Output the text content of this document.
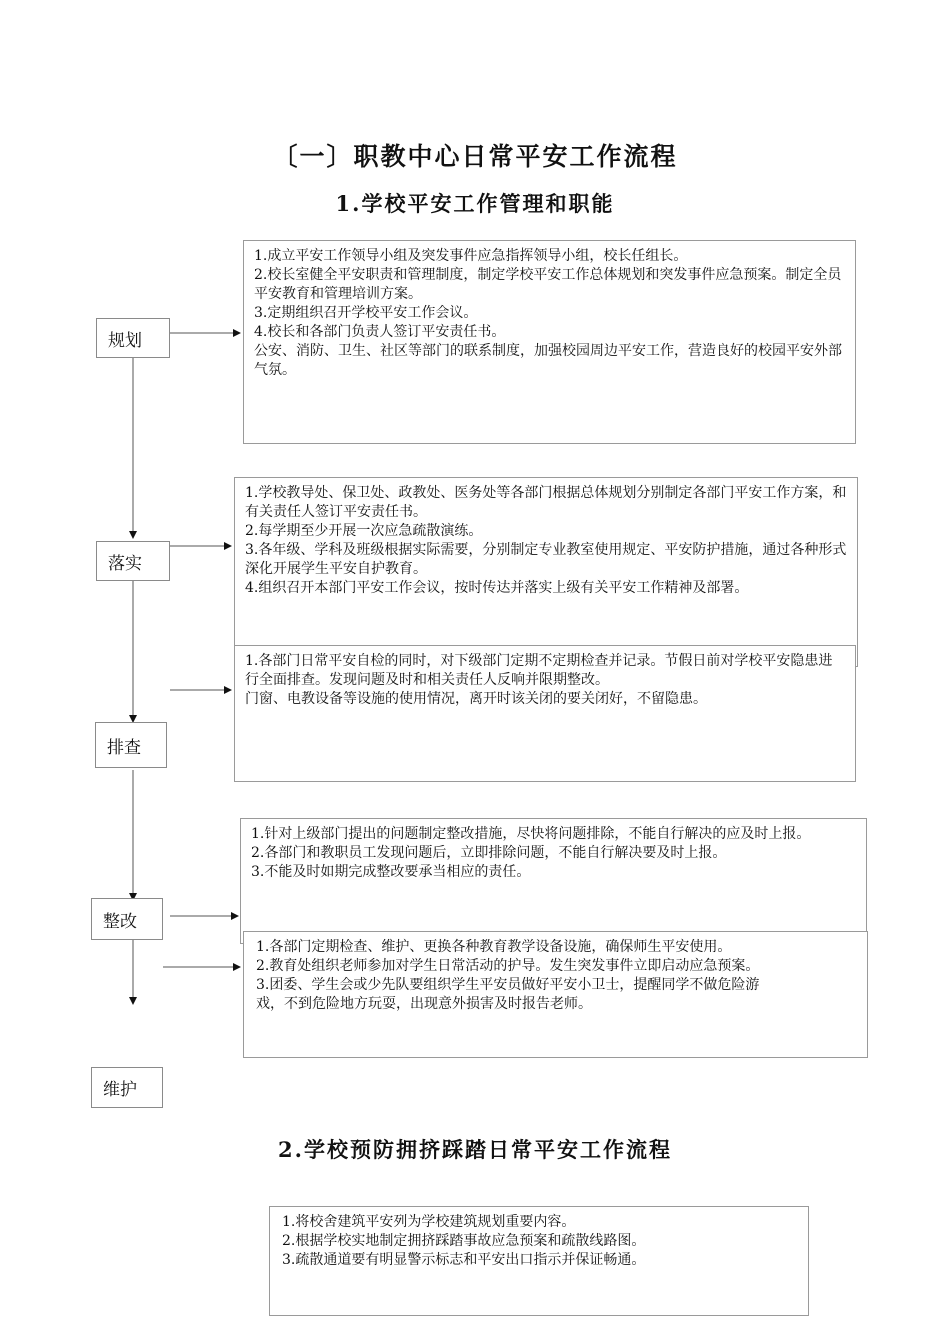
〔一〕职教中心日常平安工作流程
1.学校平安工作管理和职能
规划
落实
排查
整改
维护

1.成立平安工作领导小组及突发事件应急指挥领导小组，校长任组长。

2.校长室健全平安职责和管理制度，制定学校平安工作总体规划和突发事件应急预案。制定全员平安教育和管理培训方案。

3.定期组织召开学校平安工作会议。

4.校长和各部门负责人签订平安责任书。

公安、消防、卫生、社区等部门的联系制度，加强校园周边平安工作，营造良好的校园平安外部气氛。

1.学校教导处、保卫处、政教处、医务处等各部门根据总体规划分别制定各部门平安工作方案，和有关责任人签订平安责任书。

2.每学期至少开展一次应急疏散演练。

3.各年级、学科及班级根据实际需要，分别制定专业教室使用规定、平安防护措施，通过各种形式深化开展学生平安自护教育。

4.组织召开本部门平安工作会议，按时传达并落实上级有关平安工作精神及部署。

1.各部门日常平安自检的同时，对下级部门定期不定期检查并记录。节假日前对学校平安隐患进行全面排查。发现问题及时和相关责任人反响并限期整改。

门窗、电教设备等设施的使用情况，离开时该关闭的要关闭好，不留隐患。

1.针对上级部门提出的问题制定整改措施，尽快将问题排除，不能自行解决的应及时上报。

2.各部门和教职员工发现问题后，立即排除问题，不能自行解决要及时上报。

3.不能及时如期完成整改要承当相应的责任。

1.各部门定期检查、维护、更换各种教育教学设备设施，确保师生平安使用。

2.教育处组织老师参加对学生日常活动的护导。发生突发事件立即启动应急预案。

3.团委、学生会或少先队要组织学生平安员做好平安小卫士，提醒同学不做危险游

戏，不到危险地方玩耍，出现意外损害及时报告老师。

2.学校预防拥挤踩踏日常平安工作流程

1.将校舍建筑平安列为学校建筑规划重要内容。

2.根据学校实地制定拥挤踩踏事故应急预案和疏散线路图。

3.疏散通道要有明显警示标志和平安出口指示并保证畅通。
